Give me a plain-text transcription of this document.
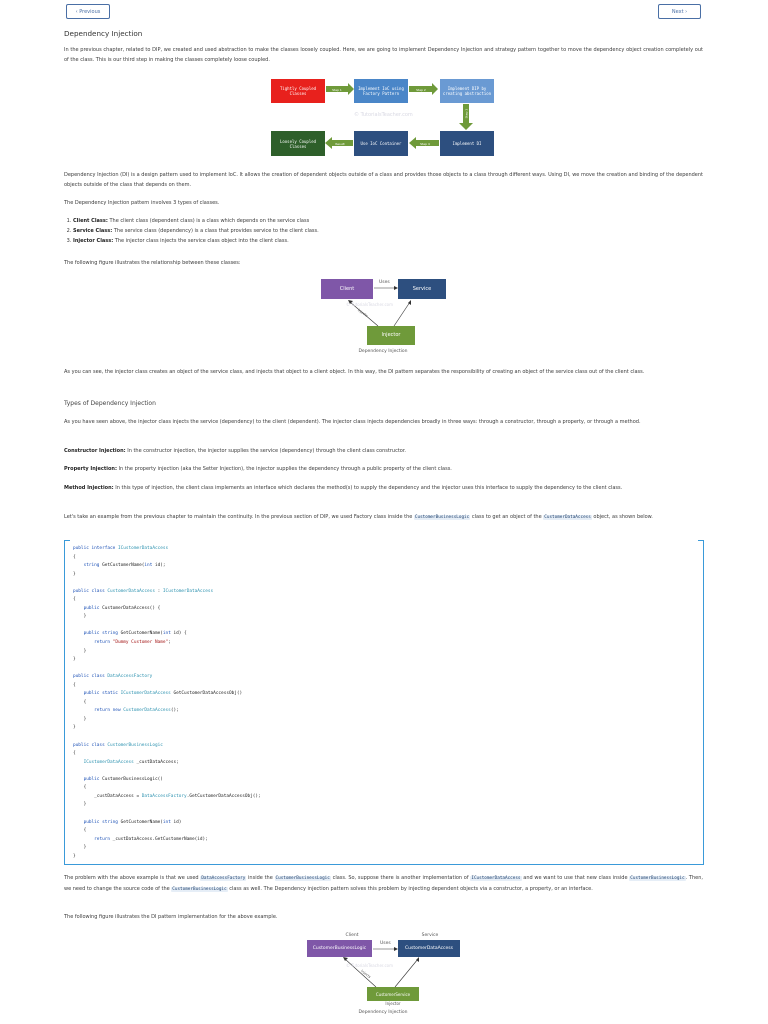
‹ Previous	Next ›
Dependency Injection
In the previous chapter, related to DIP, we created and used abstraction to make the classes loosely coupled. Here, we are going to implement Dependency Injection and strategy pattern together to move the dependency object creation completely out of the class. This is our third step in making the classes completely loose coupled.
Tightly Coupled Classes
Implement IoC using Factory Pattern
Implement DIP by creating abstraction
Implement DI
Use IoC Container
Loosely Coupled Classes
Step 1	Step 2
Step 3
Step 4
Result
© TutorialsTeacher.com
Dependency Injection (DI) is a design pattern used to implement IoC. It allows the creation of dependent objects outside of a class and provides those objects to a class through different ways. Using DI, we move the creation and binding of the dependent objects outside of the class that depends on them.
The Dependency Injection pattern involves 3 types of classes.
1. Client Class: The client class (dependent class) is a class which depends on the service class
2. Service Class: The service class (dependency) is a class that provides service to the client class.
3. Injector Class: The injector class injects the service class object into the client class.
The following figure illustrates the relationship between these classes:
Client	Service
Injector
Uses
Injects
© TutorialsTeacher.com
Dependency Injection
As you can see, the injector class creates an object of the service class, and injects that object to a client object. In this way, the DI pattern separates the responsibility of creating an object of the service class out of the client class.
Types of Dependency Injection
As you have seen above, the injector class injects the service (dependency) to the client (dependent). The injector class injects dependencies broadly in three ways: through a constructor, through a property, or through a method.
Constructor Injection: In the constructor injection, the injector supplies the service (dependency) through the client class constructor.
Property Injection: In the property injection (aka the Setter Injection), the injector supplies the dependency through a public property of the client class.
Method Injection: In this type of injection, the client class implements an interface which declares the method(s) to supply the dependency and the injector uses this interface to supply the dependency to the client class.
Let's take an example from the previous chapter to maintain the continuity. In the previous section of DIP, we used Factory class inside the CustomerBusinessLogic class to get an object of the CustomerDataAccess object, as shown below.
public interface ICustomerDataAccess
{
string GetCustomerName(int id);
}

public class CustomerDataAccess : ICustomerDataAccess
{
public CustomerDataAccess() {
}

public string GetCustomerName(int id) {
return "Dummy Customer Name";
}
}

public class DataAccessFactory
{
public static ICustomerDataAccess GetCustomerDataAccessObj()
{
return new CustomerDataAccess();
}
}

public class CustomerBusinessLogic
{
ICustomerDataAccess _custDataAccess;

public CustomerBusinessLogic()
{
_custDataAccess = DataAccessFactory.GetCustomerDataAccessObj();
}

public string GetCustomerName(int id)
{
return _custDataAccess.GetCustomerName(id);
}
}
The problem with the above example is that we used DataAccessFactory inside the CustomerBusinessLogic class. So, suppose there is another implementation of ICustomerDataAccess and we want to use that new class inside CustomerBusinessLogic. Then, we need to change the source code of the CustomerBusinessLogic class as well. The Dependency injection pattern solves this problem by injecting dependent objects via a constructor, a property, or an interface.
The following figure illustrates the DI pattern implementation for the above example.
Client	Service
CustomerBusinessLogic	CustomerDataAccess
CustomerService
Uses
Injects
© TutorialsTeacher.com
Injector
Dependency Injection
